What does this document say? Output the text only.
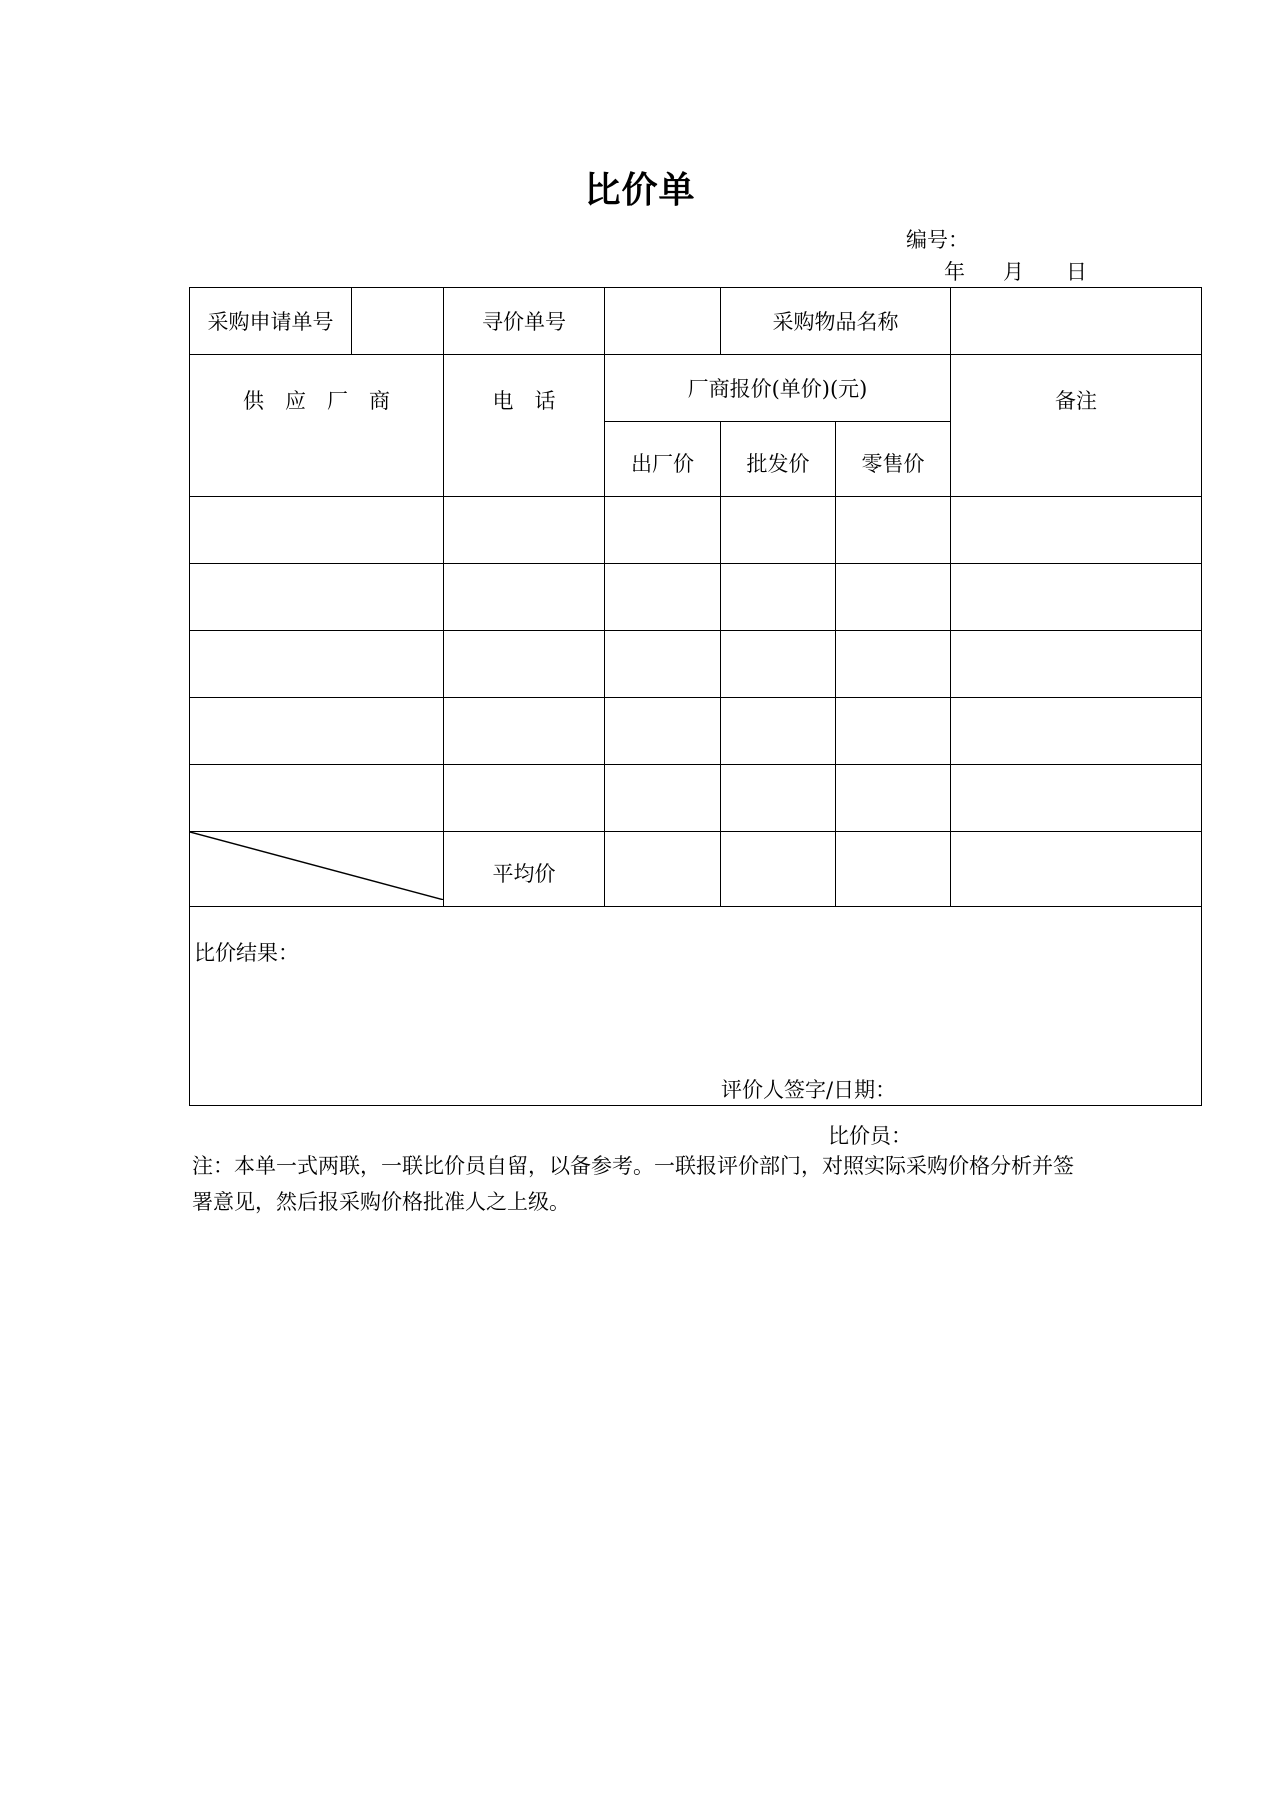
比价单
编号：
年 月 日
采购申请单号		寻价单号		采购物品名称		
供　应　厂　商		电　话	厂商报价(单价)(元)			备注
			出厂价	批发价	零售价	

	平均价				

比价结果：
评价人签字/日期：						
比价员：
注：本单一式两联，一联比价员自留，以备参考。一联报评价部门，对照实际采购价格分析并签署意见，然后报采购价格批准人之上级。
